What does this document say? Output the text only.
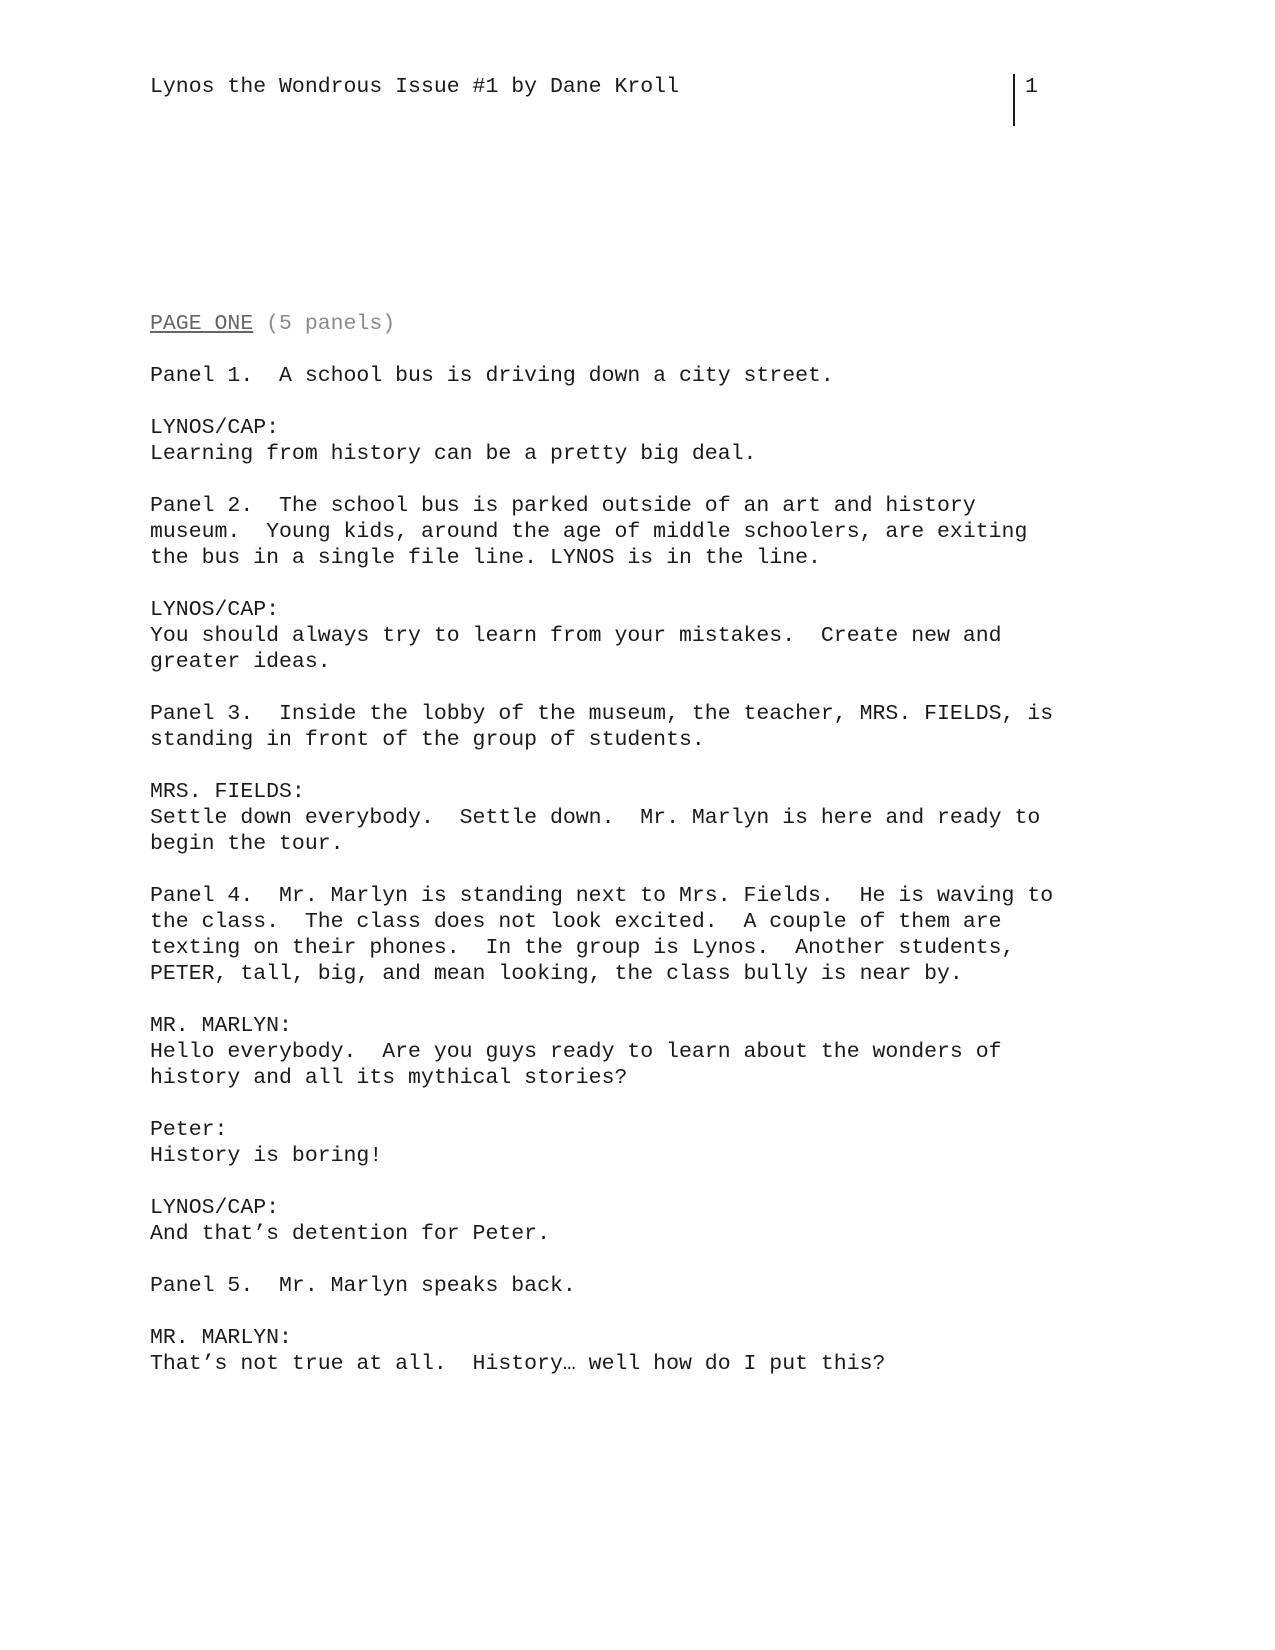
Lynos the Wondrous Issue #1 by Dane Kroll	1
PAGE ONE (5 panels)
Panel 1.  A school bus is driving down a city street.
LYNOS/CAP:
Learning from history can be a pretty big deal.
Panel 2.  The school bus is parked outside of an art and history
museum.  Young kids, around the age of middle schoolers, are exiting
the bus in a single file line. LYNOS is in the line.
LYNOS/CAP:
You should always try to learn from your mistakes.  Create new and
greater ideas.
Panel 3.  Inside the lobby of the museum, the teacher, MRS. FIELDS, is
standing in front of the group of students.
MRS. FIELDS:
Settle down everybody.  Settle down.  Mr. Marlyn is here and ready to
begin the tour.
Panel 4.  Mr. Marlyn is standing next to Mrs. Fields.  He is waving to
the class.  The class does not look excited.  A couple of them are
texting on their phones.  In the group is Lynos.  Another students,
PETER, tall, big, and mean looking, the class bully is near by.
MR. MARLYN:
Hello everybody.  Are you guys ready to learn about the wonders of
history and all its mythical stories?
Peter:
History is boring!
LYNOS/CAP:
And that’s detention for Peter.
Panel 5.  Mr. Marlyn speaks back.
MR. MARLYN:
That’s not true at all.  History… well how do I put this?
